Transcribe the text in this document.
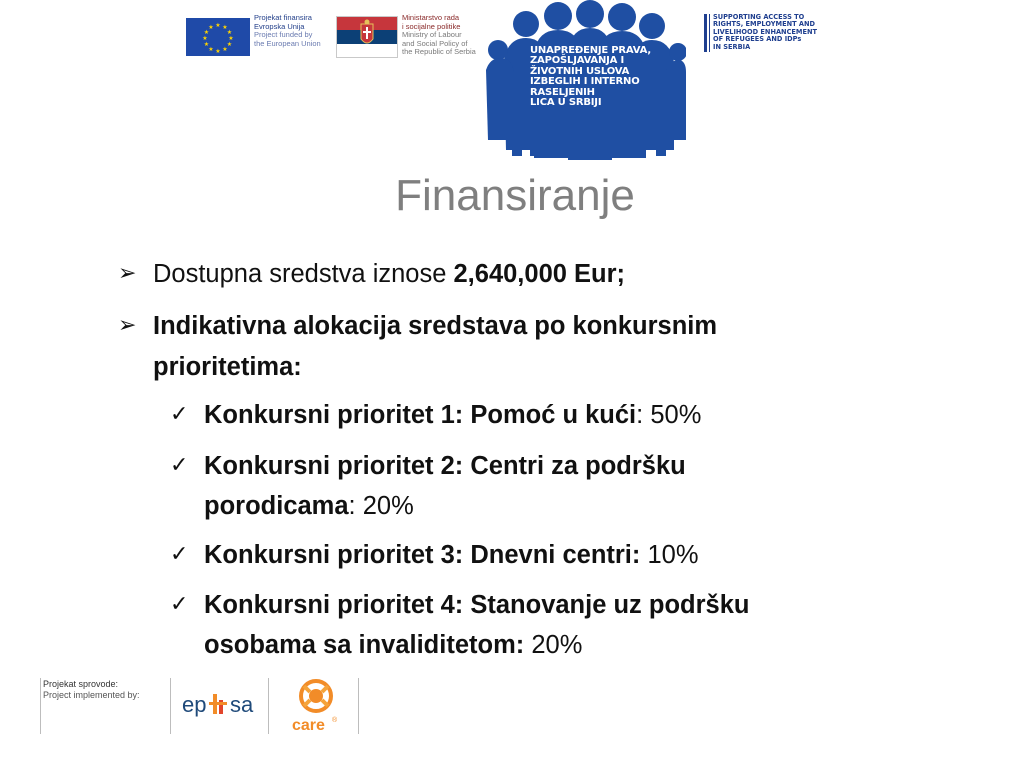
★ ★
★
★
★
★
★
★
★
★
★
★
Projekat finansira
Evropska Unija
Project funded by
the European Union
Ministarstvo rada
i socijalne politike
Ministry of Labour
and Social Policy of
the Republic of Serbia	UNAPREĐENJE PRAVA,
ZAPOŠLJAVANJA I
ŽIVOTNIH USLOVA
IZBEGLIH I INTERNO
RASELJENIH
LICA U SRBIJI
SUPPORTING ACCESS TO
RIGHTS, EMPLOYMENT AND
LIVELIHOOD ENHANCEMENT
OF REFUGEES AND IDPs
IN SERBIA
Finansiranje
➢ Dostupna sredstva iznose 2,640,000 Eur;
➢ Indikativna alokacija sredstava po konkursnim
prioritetima:
✓ Konkursni prioritet 1: Pomoć u kući: 50%
✓ Konkursni prioritet 2: Centri za podršku
porodicama: 20%
✓ Konkursni prioritet 3: Dnevni centri: 10%
✓ Konkursni prioritet 4: Stanovanje uz podršku
osobama sa invaliditetom: 20%
Projekat sprovode:
Project implemented by:	ep sa
care ®
